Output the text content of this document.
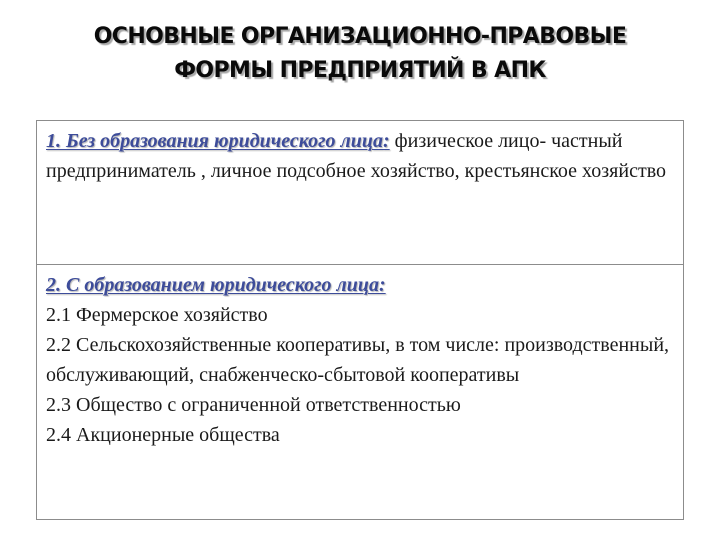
ОСНОВНЫЕ ОРГАНИЗАЦИОННО-ПРАВОВЫЕ
ФОРМЫ ПРЕДПРИЯТИЙ В АПК
1. Без образования юридического лица: физическое лицо- частный предприниматель , личное подсобное хозяйство, крестьянское хозяйство
2. С образованием юридического лица:
2.1 Фермерское хозяйство
2.2 Сельскохозяйственные кооперативы, в том числе: производственный, обслуживающий, снабженческо-сбытовой кооперативы
2.3 Общество с ограниченной ответственностью
2.4 Акционерные общества
